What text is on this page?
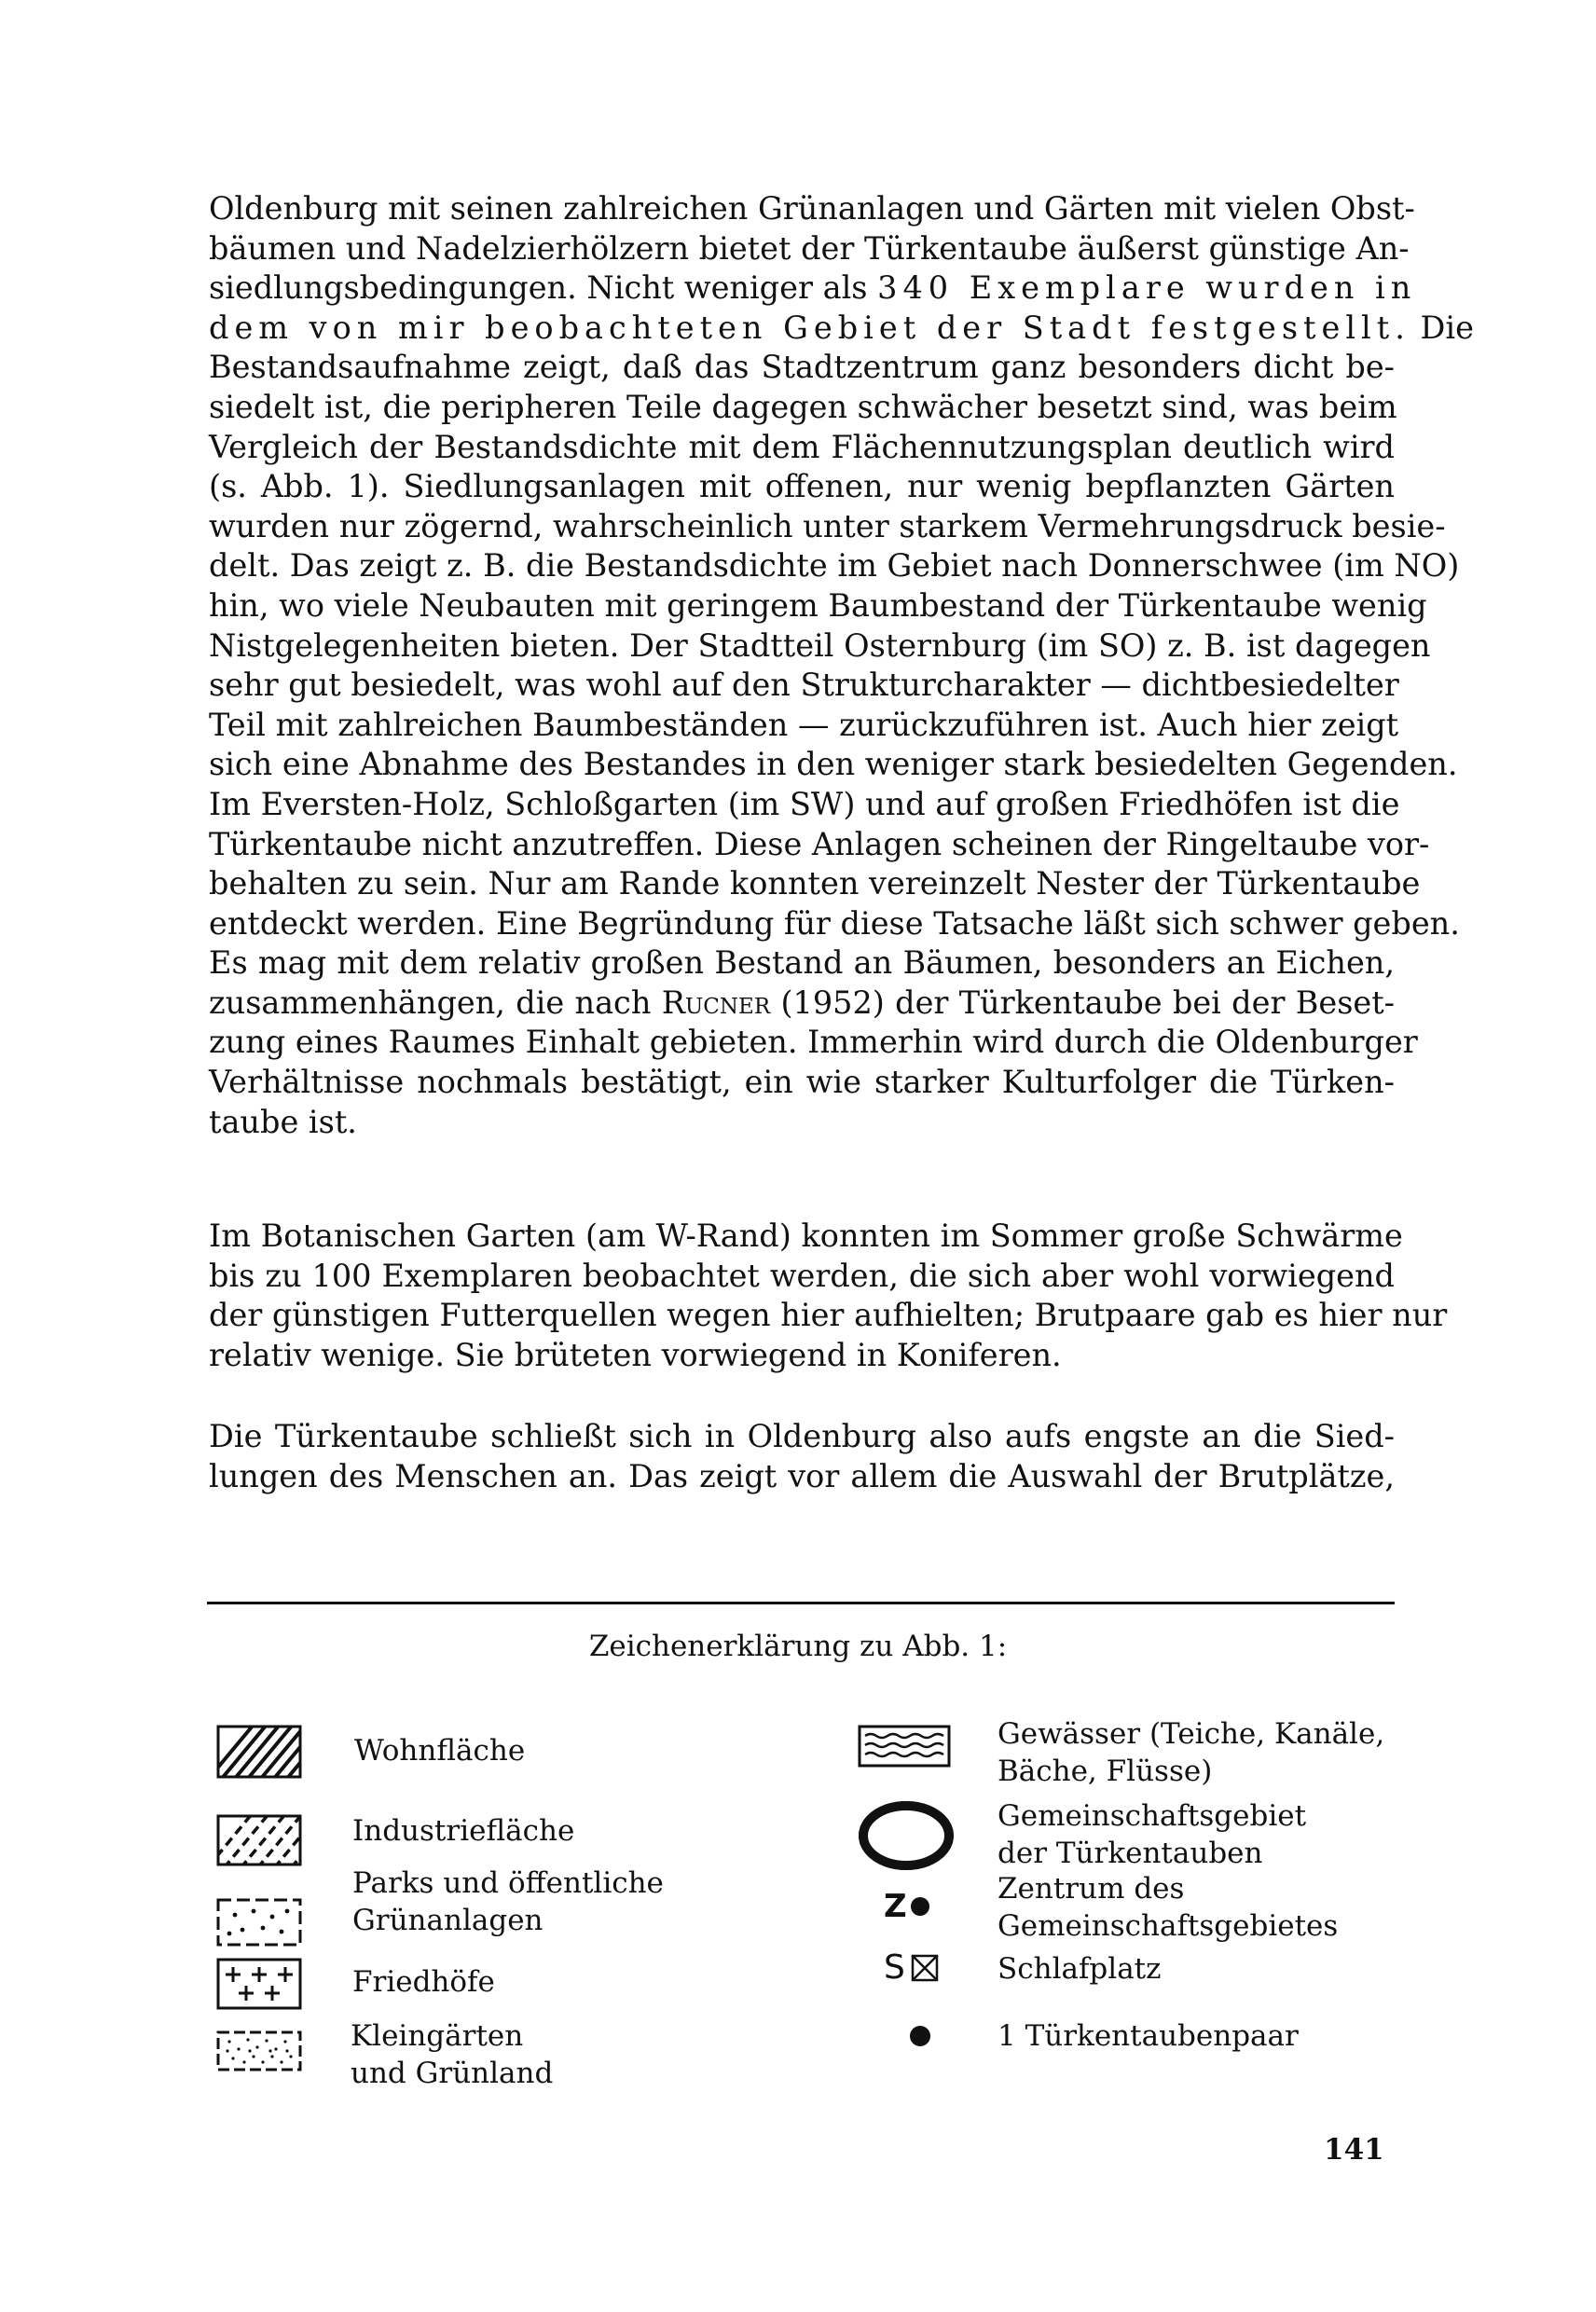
Oldenburg mit seinen zahlreichen Grünanlagen und Gärten mit vielen Obst-
bäumen und Nadelzierhölzern bietet der Türkentaube äußerst günstige An-
siedlungsbedingungen. Nicht weniger als 340 Exemplare wurden in
dem von mir beobachteten Gebiet der Stadt festgestellt. Die
Bestandsaufnahme zeigt, daß das Stadtzentrum ganz besonders dicht be-
siedelt ist, die peripheren Teile dagegen schwächer besetzt sind, was beim
Vergleich der Bestandsdichte mit dem Flächennutzungsplan deutlich wird
(s. Abb. 1). Siedlungsanlagen mit offenen, nur wenig bepflanzten Gärten
wurden nur zögernd, wahrscheinlich unter starkem Vermehrungsdruck besie-
delt. Das zeigt z. B. die Bestandsdichte im Gebiet nach Donnerschwee (im NO)
hin, wo viele Neubauten mit geringem Baumbestand der Türkentaube wenig
Nistgelegenheiten bieten. Der Stadtteil Osternburg (im SO) z. B. ist dagegen
sehr gut besiedelt, was wohl auf den Strukturcharakter — dichtbesiedelter
Teil mit zahlreichen Baumbeständen — zurückzuführen ist. Auch hier zeigt
sich eine Abnahme des Bestandes in den weniger stark besiedelten Gegenden.
Im Eversten-Holz, Schloßgarten (im SW) und auf großen Friedhöfen ist die
Türkentaube nicht anzutreffen. Diese Anlagen scheinen der Ringeltaube vor-
behalten zu sein. Nur am Rande konnten vereinzelt Nester der Türkentaube
entdeckt werden. Eine Begründung für diese Tatsache läßt sich schwer geben.
Es mag mit dem relativ großen Bestand an Bäumen, besonders an Eichen,
zusammenhängen, die nach Rucner (1952) der Türkentaube bei der Beset-
zung eines Raumes Einhalt gebieten. Immerhin wird durch die Oldenburger
Verhältnisse nochmals bestätigt, ein wie starker Kulturfolger die Türken-
taube ist.

Im Botanischen Garten (am W-Rand) konnten im Sommer große Schwärme
bis zu 100 Exemplaren beobachtet werden, die sich aber wohl vorwiegend
der günstigen Futterquellen wegen hier aufhielten; Brutpaare gab es hier nur
relativ wenige. Sie brüteten vorwiegend in Koniferen.

Die Türkentaube schließt sich in Oldenburg also aufs engste an die Sied-
lungen des Menschen an. Das zeigt vor allem die Auswahl der Brutplätze,

Zeichenerklärung zu Abb. 1:
Wohnfläche
Industriefläche
Parks und öffentliche
Grünanlagen
Friedhöfe
Kleingärten
und Grünland
Gewässer (Teiche, Kanäle,
Bäche, Flüsse)
Gemeinschaftsgebiet
der Türkentauben
Z	Zentrum des
Gemeinschaftsgebietes
S	Schlafplatz
1 Türkentaubenpaar

141
